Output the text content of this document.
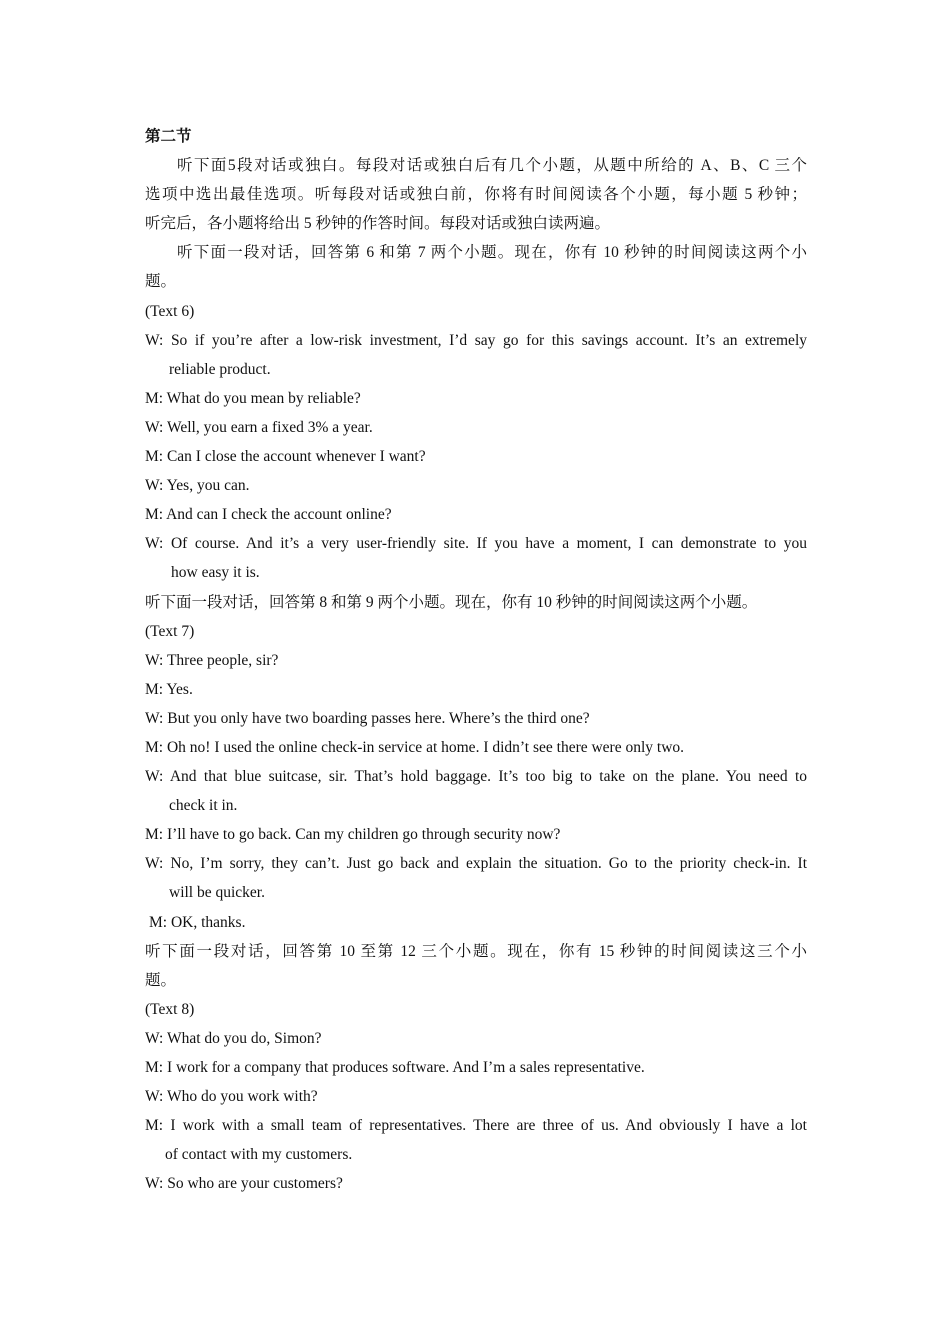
第二节
听下面5段对话或独白。每段对话或独白后有几个小题，从题中所给的 A、B、C 三个
选项中选出最佳选项。听每段对话或独白前，你将有时间阅读各个小题，每小题 5 秒钟；
听完后，各小题将给出 5 秒钟的作答时间。每段对话或独白读两遍。
听下面一段对话，回答第 6 和第 7 两个小题。现在，你有 10 秒钟的时间阅读这两个小
题。
(Text 6)
W: So if you’re after a low-risk investment, I’d say go for this savings account. It’s an extremely
reliable product.
M: What do you mean by reliable?
W: Well, you earn a fixed 3% a year.
M: Can I close the account whenever I want?
W: Yes, you can.
M: And can I check the account online?
W: Of course. And it’s a very user-friendly site. If you have a moment, I can demonstrate to you
how easy it is.
听下面一段对话，回答第 8 和第 9 两个小题。现在，你有 10 秒钟的时间阅读这两个小题。
(Text 7)
W: Three people, sir?
M: Yes.
W: But you only have two boarding passes here. Where’s the third one?
M: Oh no! I used the online check-in service at home. I didn’t see there were only two.
W: And that blue suitcase, sir. That’s hold baggage. It’s too big to take on the plane. You need to
check it in.
M: I’ll have to go back. Can my children go through security now?
W: No, I’m sorry, they can’t. Just go back and explain the situation. Go to the priority check-in. It
will be quicker.
M: OK, thanks.
听下面一段对话，回答第 10 至第 12 三个小题。现在，你有 15 秒钟的时间阅读这三个小
题。
(Text 8)
W: What do you do, Simon?
M: I work for a company that produces software. And I’m a sales representative.
W: Who do you work with?
M: I work with a small team of representatives. There are three of us. And obviously I have a lot
of contact with my customers.
W: So who are your customers?
